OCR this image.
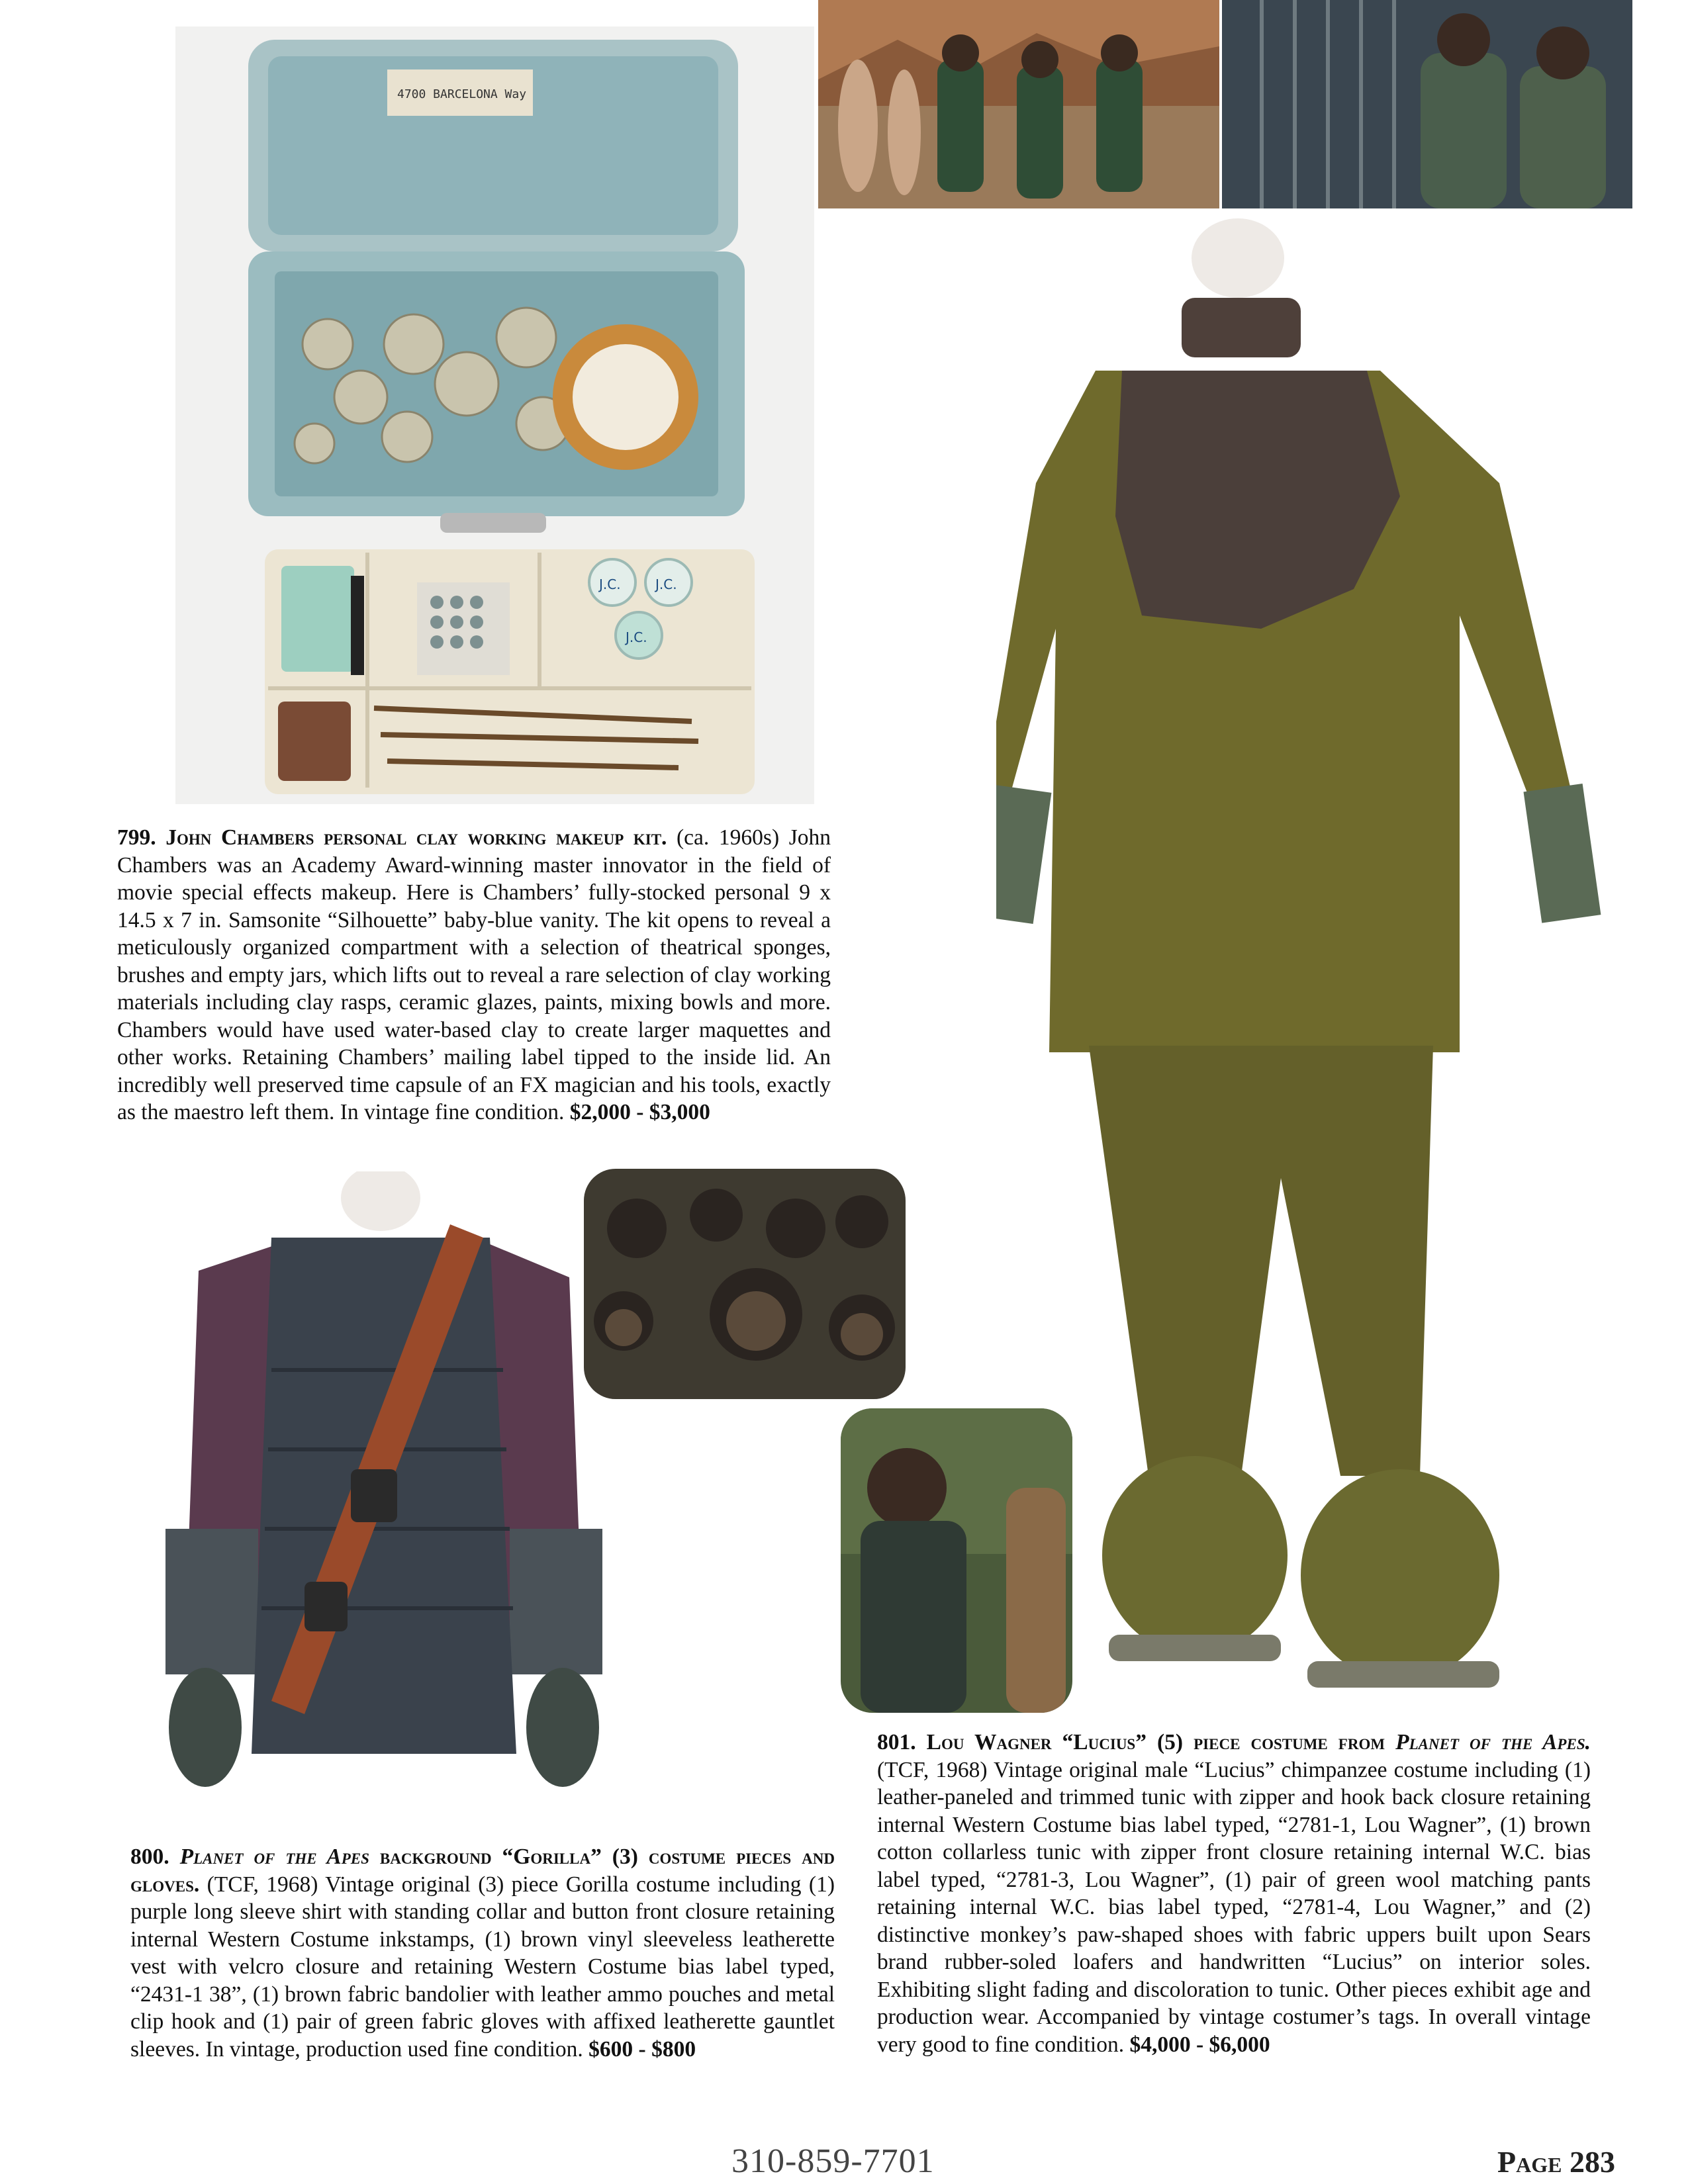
4700 BARCELONA Way
J.C.	J.C.
J.C.
799. John Chambers personal clay working makeup kit. (ca. 1960s) John Chambers was an Academy Award-winning master innovator in the field of movie special effects makeup. Here is Chambers’ fully-stocked personal 9 x 14.5 x 7 in. Samsonite “Silhouette” baby-blue vanity. The kit opens to reveal a meticulously organized compartment with a selection of theatrical sponges, brushes and empty jars, which lifts out to reveal a rare selection of clay working materials including clay rasps, ceramic glazes, paints, mixing bowls and more. Chambers would have used water-based clay to create larger maquettes and other works. Retaining Chambers’ mailing label tipped to the inside lid. An incredibly well preserved time capsule of an FX magician and his tools, exactly as the maestro left them. In vintage fine condition. $2,000 - $3,000
800. Planet of the Apes background “Gorilla” (3) costume pieces and gloves. (TCF, 1968) Vintage original (3) piece Gorilla costume including (1) purple long sleeve shirt with standing collar and button front closure retaining internal Western Costume inkstamps, (1) brown vinyl sleeveless leatherette vest with velcro closure and retaining Western Costume bias label typed, “2431-1 38”, (1) brown fabric bandolier with leather ammo pouches and metal clip hook and (1) pair of green fabric gloves with affixed leatherette gauntlet sleeves. In vintage, production used fine condition. $600 - $800
801. Lou Wagner “Lucius” (5) piece costume from Planet of the Apes. (TCF, 1968) Vintage original male “Lucius” chimpanzee costume including (1) leather-paneled and trimmed tunic with zipper and hook back closure retaining internal Western Costume bias label typed, “2781-1, Lou Wagner”, (1) brown cotton collarless tunic with zipper front closure retaining internal W.C. bias label typed, “2781-3, Lou Wagner”, (1) pair of green wool matching pants retaining internal W.C. bias label typed, “2781-4, Lou Wagner,” and (2) distinctive monkey’s paw-shaped shoes with fabric uppers built upon Sears brand rubber-soled loafers and handwritten “Lucius” on interior soles. Exhibiting slight fading and discoloration to tunic. Other pieces exhibit age and production wear. Accompanied by vintage costumer’s tags. In overall vintage very good to fine condition. $4,000 - $6,000
310-859-7701	Page 283
